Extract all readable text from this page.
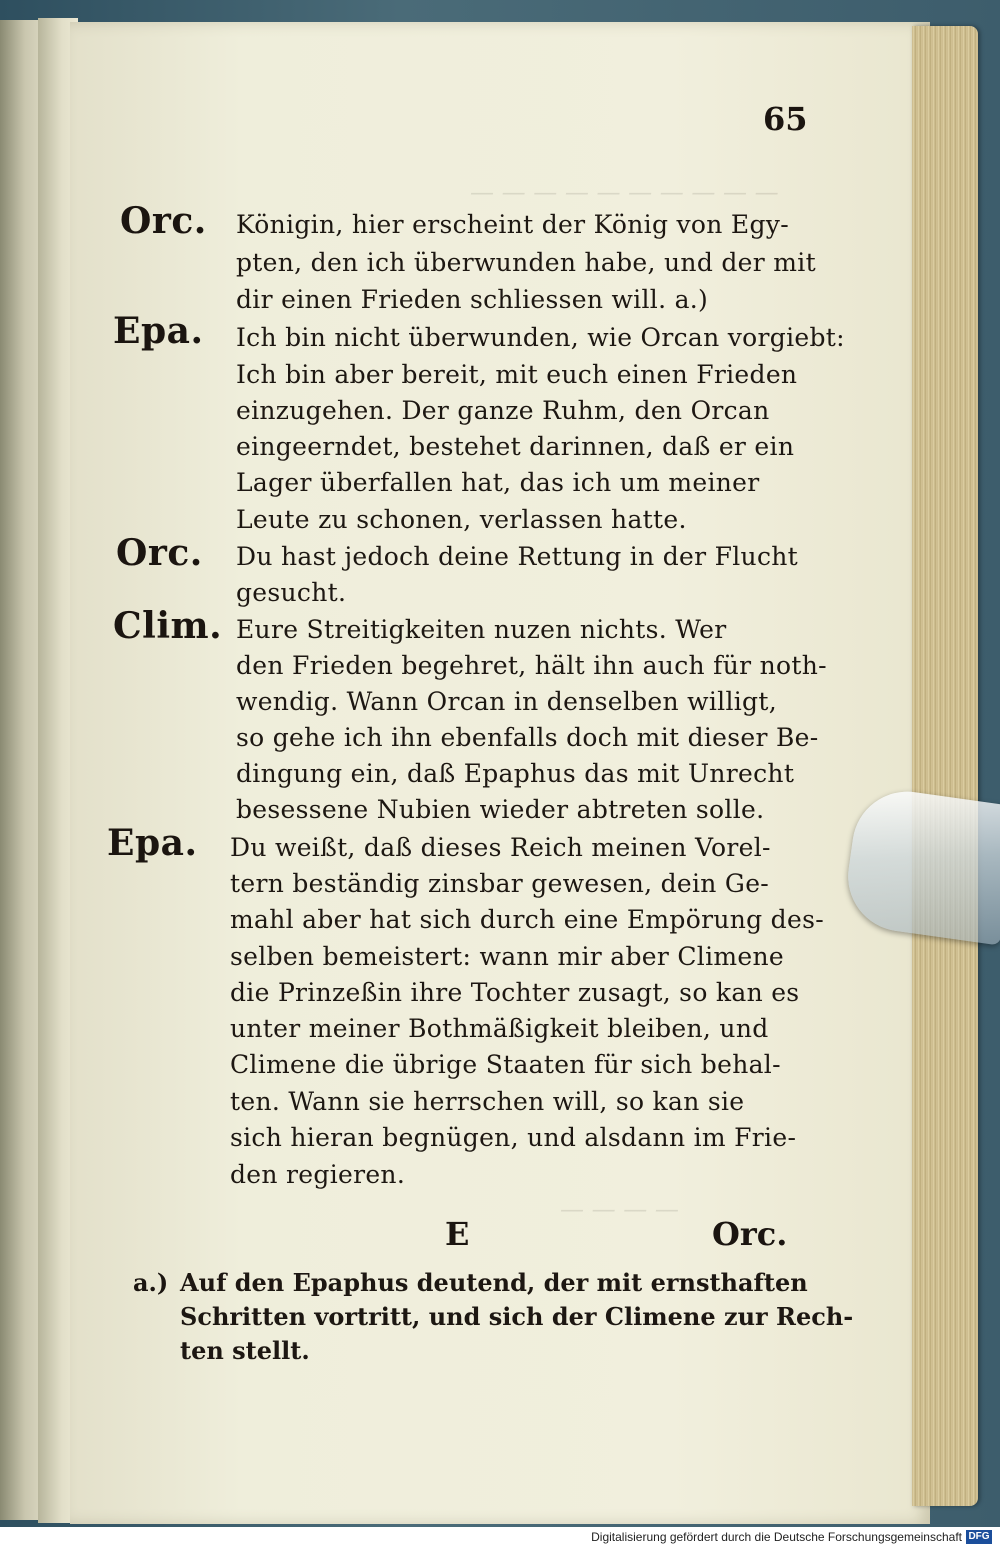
— — — — — — — — — —
— — — —
65
Orc. Königin, hier erscheint der König von Egy-
pten, den ich überwunden habe, und der mit
dir einen Frieden schliessen will. a.)
Epa. Ich bin nicht überwunden, wie Orcan vorgiebt:
Ich bin aber bereit, mit euch einen Frieden
einzugehen. Der ganze Ruhm, den Orcan
eingeerndet, bestehet darinnen, daß er ein
Lager überfallen hat, das ich um meiner
Leute zu schonen, verlassen hatte.
Orc. Du hast jedoch deine Rettung in der Flucht
gesucht.
Clim. Eure Streitigkeiten nuzen nichts. Wer
den Frieden begehret, hält ihn auch für noth-
wendig. Wann Orcan in denselben willigt,
so gehe ich ihn ebenfalls doch mit dieser Be-
dingung ein, daß Epaphus das mit Unrecht
besessene Nubien wieder abtreten solle.
Epa. Du weißt, daß dieses Reich meinen Vorel-
tern beständig zinsbar gewesen, dein Ge-
mahl aber hat sich durch eine Empörung des-
selben bemeistert: wann mir aber Climene
die Prinzeßin ihre Tochter zusagt, so kan es
unter meiner Bothmäßigkeit bleiben, und
Climene die übrige Staaten für sich behal-
ten. Wann sie herrschen will, so kan sie
sich hieran begnügen, und alsdann im Frie-
den regieren.
E	Orc.
a.) Auf den Epaphus deutend, der mit ernsthaften
Schritten vortritt, und sich der Climene zur Rech-
ten stellt.
Digitalisierung gefördert durch die Deutsche Forschungsgemeinschaft DFG
